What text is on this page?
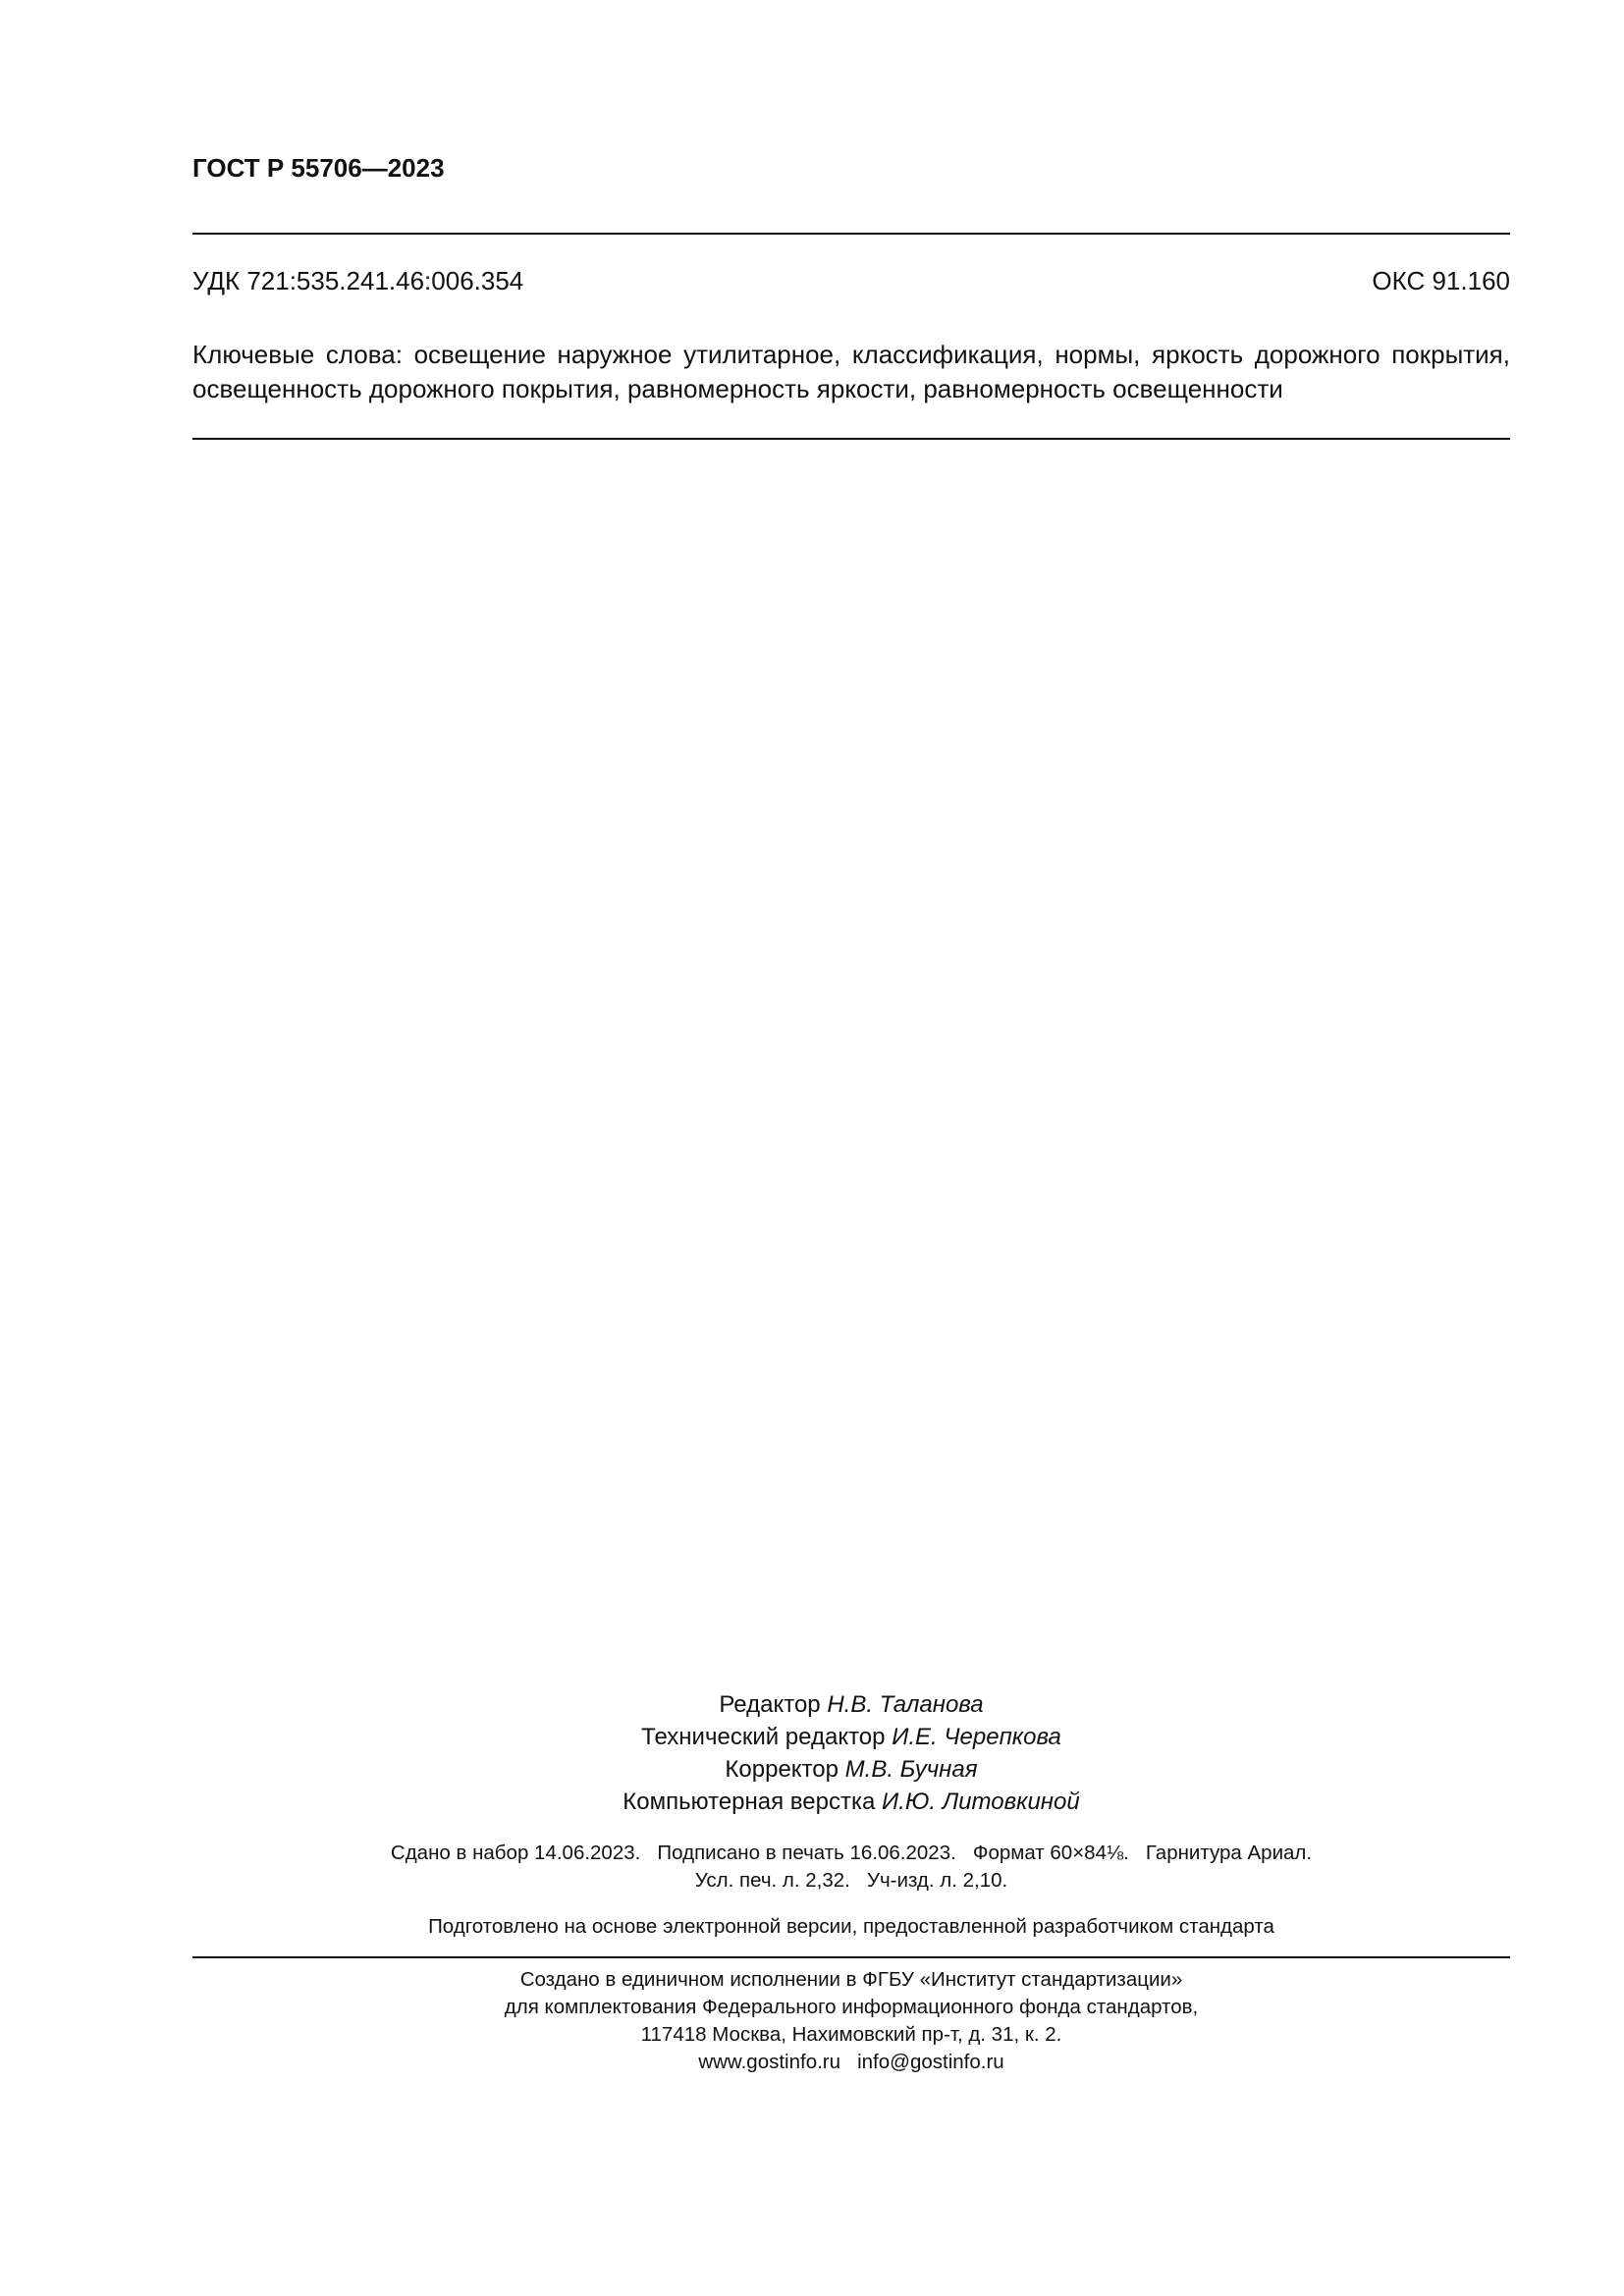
ГОСТ Р 55706—2023
УДК 721:535.241.46:006.354	ОКС 91.160
Ключевые слова: освещение наружное утилитарное, классификация, нормы, яркость дорожного покрытия, освещенность дорожного покрытия, равномерность яркости, равномерность освещенности
Редактор Н.В. Таланова
Технический редактор И.Е. Черепкова
Корректор М.В. Бучная
Компьютерная верстка И.Ю. Литовкиной
Сдано в набор 14.06.2023.   Подписано в печать 16.06.2023.   Формат 60×84⅛.   Гарнитура Ариал.
Усл. печ. л. 2,32.   Уч-изд. л. 2,10.
Подготовлено на основе электронной версии, предоставленной разработчиком стандарта
Создано в единичном исполнении в ФГБУ «Институт стандартизации»
для комплектования Федерального информационного фонда стандартов,
117418 Москва, Нахимовский пр-т, д. 31, к. 2.
www.gostinfo.ru   info@gostinfo.ru
